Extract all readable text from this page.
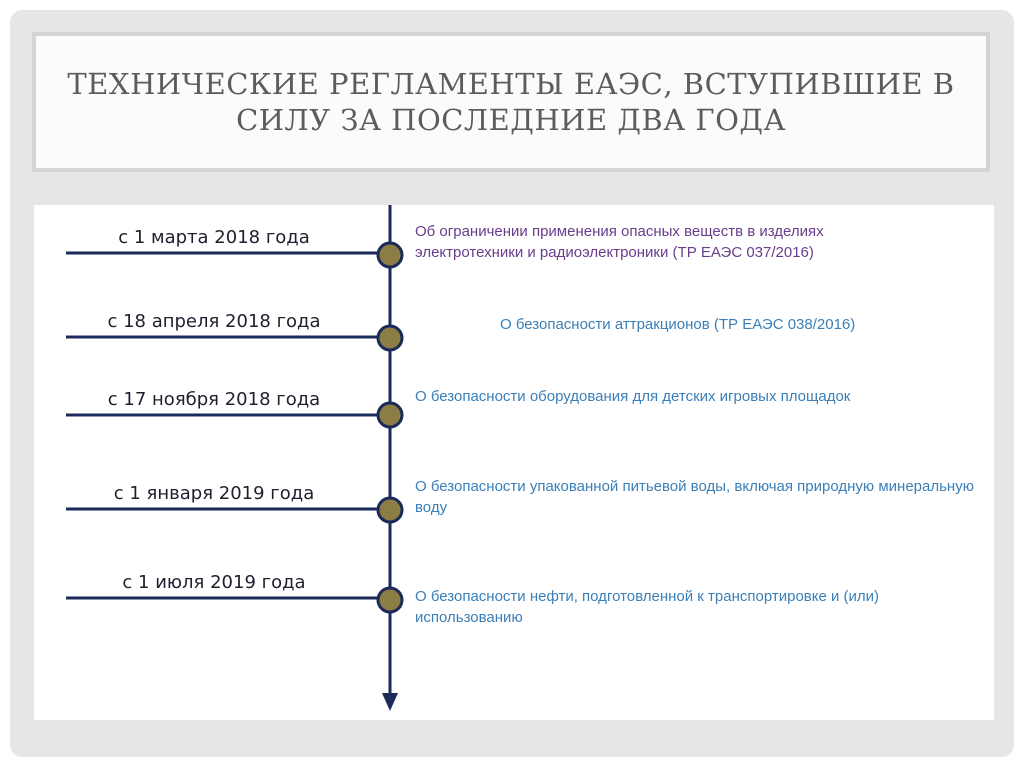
ТЕХНИЧЕСКИЕ РЕГЛАМЕНТЫ ЕАЭС, ВСТУПИВШИЕ В СИЛУ ЗА ПОСЛЕДНИЕ ДВА ГОДА
с 1 марта 2018 года
с 18 апреля 2018 года
с 17 ноября 2018 года
с 1 января 2019 года
с 1 июля 2019 года
Об ограничении применения опасных веществ в изделиях электротехники и радиоэлектроники (ТР ЕАЭС 037/2016)
О безопасности аттракционов (ТР ЕАЭС 038/2016)
О безопасности оборудования для детских игровых площадок
О безопасности упакованной питьевой воды, включая природную минеральную воду
О безопасности нефти, подготовленной к транспортировке и (или) использованию
